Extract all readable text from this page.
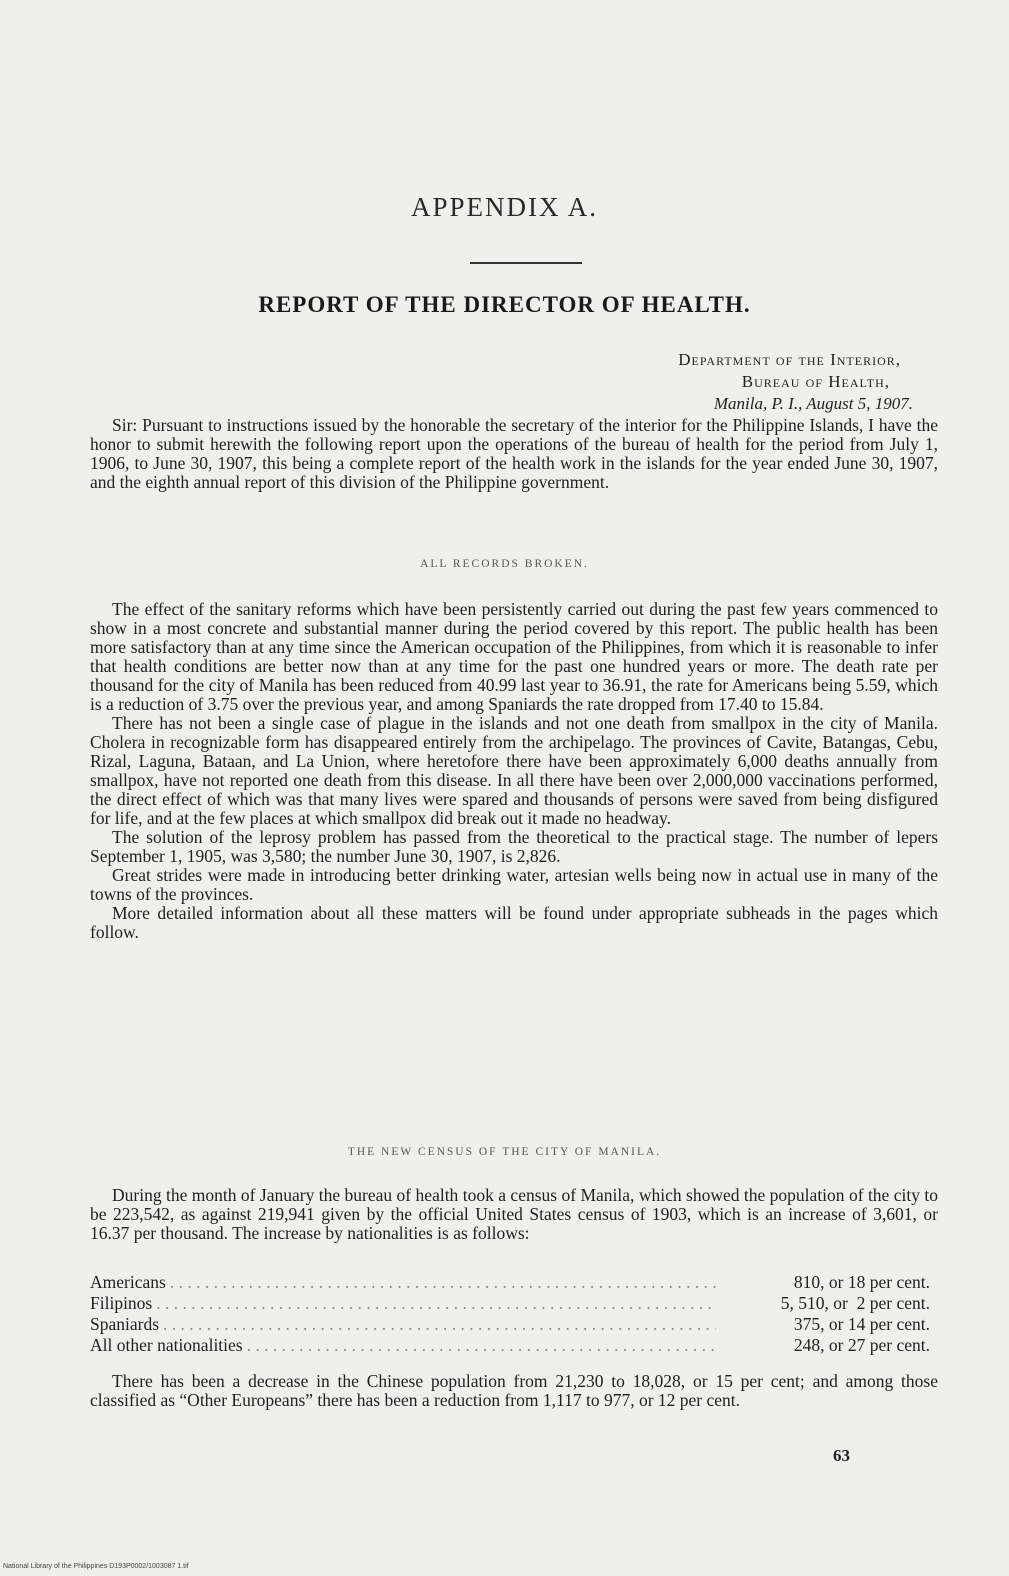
APPENDIX A.
REPORT OF THE DIRECTOR OF HEALTH.
Department of the Interior,
Bureau of Health,
Manila, P. I., August 5, 1907.

Sir: Pursuant to instructions issued by the honorable the secretary of the interior for the Philippine Islands, I have the honor to submit herewith the following report upon the operations of the bureau of health for the period from July 1, 1906, to June 30, 1907, this being a complete report of the health work in the islands for the year ended June 30, 1907, and the eighth annual report of this division of the Philippine government.

ALL RECORDS BROKEN.

The effect of the sanitary reforms which have been persistently carried out during the past few years commenced to show in a most concrete and substantial manner during the period covered by this report. The public health has been more satisfactory than at any time since the American occupation of the Philippines, from which it is reasonable to infer that health conditions are better now than at any time for the past one hundred years or more. The death rate per thousand for the city of Manila has been reduced from 40.99 last year to 36.91, the rate for Americans being 5.59, which is a reduction of 3.75 over the previous year, and among Spaniards the rate dropped from 17.40 to 15.84.

There has not been a single case of plague in the islands and not one death from smallpox in the city of Manila. Cholera in recognizable form has disappeared entirely from the archipelago. The provinces of Cavite, Batangas, Cebu, Rizal, Laguna, Bataan, and La Union, where heretofore there have been approximately 6,000 deaths annually from smallpox, have not reported one death from this disease. In all there have been over 2,000,000 vaccinations performed, the direct effect of which was that many lives were spared and thousands of persons were saved from being disfigured for life, and at the few places at which smallpox did break out it made no headway.

The solution of the leprosy problem has passed from the theoretical to the practical stage. The number of lepers September 1, 1905, was 3,580; the number June 30, 1907, is 2,826.

Great strides were made in introducing better drinking water, artesian wells being now in actual use in many of the towns of the provinces.

More detailed information about all these matters will be found under appropriate subheads in the pages which follow.

THE NEW CENSUS OF THE CITY OF MANILA.

During the month of January the bureau of health took a census of Manila, which showed the population of the city to be 223,542, as against 219,941 given by the official United States census of 1903, which is an increase of 3,601, or 16.37 per thousand. The increase by nationalities is as follows:

Americans . . .	810, or 18 per cent.
Filipinos . . .	5, 510, or  2 per cent.
Spaniards . . .	375, or 14 per cent.
All other nationalities . . .	248, or 27 per cent.

There has been a decrease in the Chinese population from 21,230 to 18,028, or 15 per cent; and among those classified as “Other Europeans” there has been a reduction from 1,117 to 977, or 12 per cent.

63
National Library of the Philippines D193P0002/1003087 1.tif
